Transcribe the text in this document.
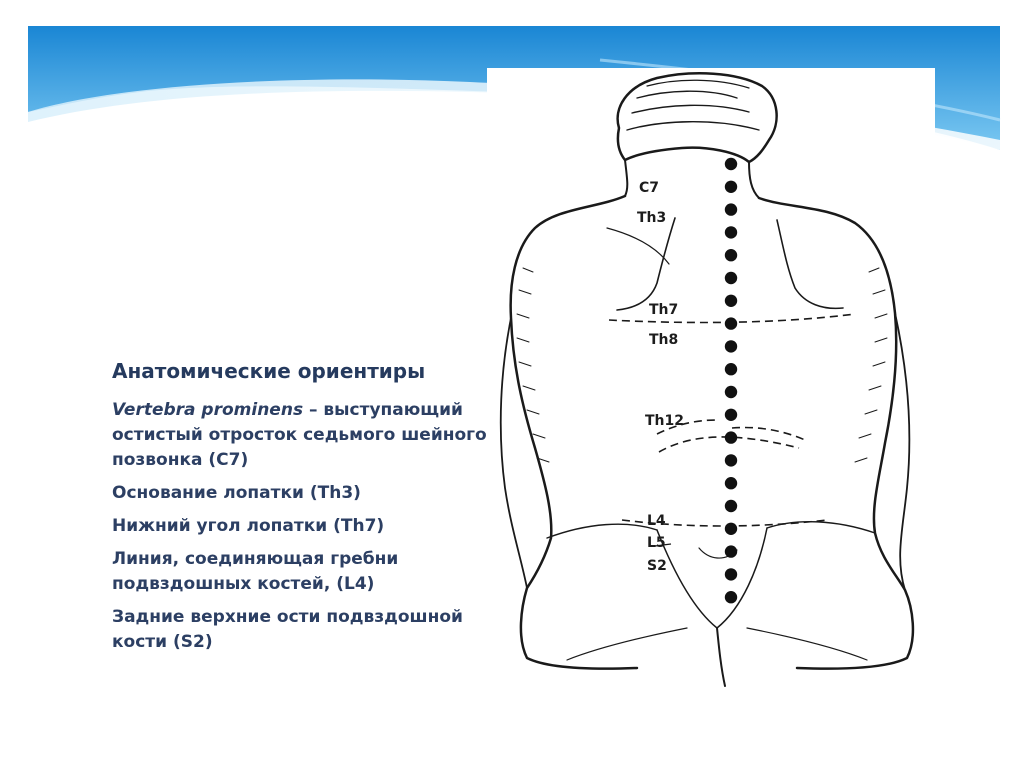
Анатомические ориентиры
Vertebra prominens – выступающий остистый отросток седьмого шейного позвонка (C7)
Основание лопатки (Th3)
Нижний угол лопатки (Th7)
Линия, соединяющая гребни подвздошных костей, (L4)
Задние верхние ости подвздошной кости (S2)
C7
Th3
Th7
Th8
Th12
L4
L5
S2
